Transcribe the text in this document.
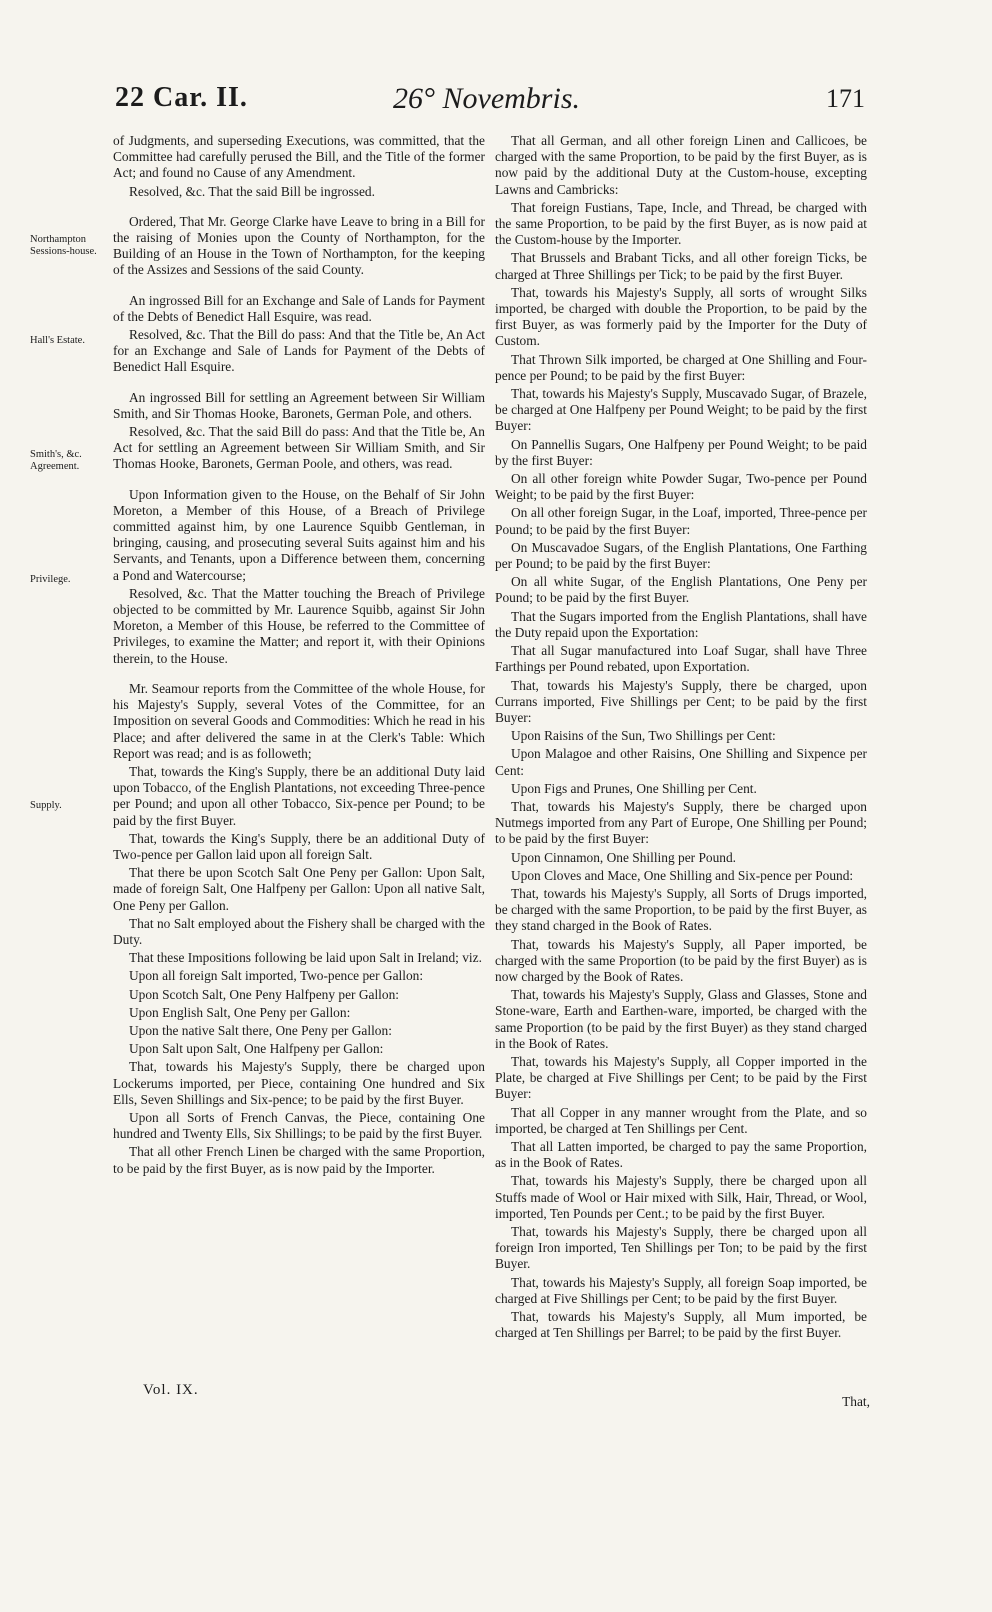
22 Car. II.	26° Novembris.	171
Northampton Sessions-house.
Hall's Estate.
Smith's, &c. Agreement.
Privilege.
Supply.

of Judgments, and superseding Executions, was committed, that the Committee had carefully perused the Bill, and the Title of the former Act; and found no Cause of any Amendment.

Resolved, &c. That the said Bill be ingrossed.

Ordered, That Mr. George Clarke have Leave to bring in a Bill for the raising of Monies upon the County of Northampton, for the Building of an House in the Town of Northampton, for the keeping of the Assizes and Sessions of the said County.

An ingrossed Bill for an Exchange and Sale of Lands for Payment of the Debts of Benedict Hall Esquire, was read.

Resolved, &c. That the Bill do pass: And that the Title be, An Act for an Exchange and Sale of Lands for Payment of the Debts of Benedict Hall Esquire.

An ingrossed Bill for settling an Agreement between Sir William Smith, and Sir Thomas Hooke, Baronets, German Pole, and others.

Resolved, &c. That the said Bill do pass: And that the Title be, An Act for settling an Agreement between Sir William Smith, and Sir Thomas Hooke, Baronets, German Poole, and others, was read.

Upon Information given to the House, on the Behalf of Sir John Moreton, a Member of this House, of a Breach of Privilege committed against him, by one Laurence Squibb Gentleman, in bringing, causing, and prosecuting several Suits against him and his Servants, and Tenants, upon a Difference between them, concerning a Pond and Watercourse;

Resolved, &c. That the Matter touching the Breach of Privilege objected to be committed by Mr. Laurence Squibb, against Sir John Moreton, a Member of this House, be referred to the Committee of Privileges, to examine the Matter; and report it, with their Opinions therein, to the House.

Mr. Seamour reports from the Committee of the whole House, for his Majesty's Supply, several Votes of the Committee, for an Imposition on several Goods and Commodities: Which he read in his Place; and after delivered the same in at the Clerk's Table: Which Report was read; and is as followeth;

That, towards the King's Supply, there be an additional Duty laid upon Tobacco, of the English Plantations, not exceeding Three-pence per Pound; and upon all other Tobacco, Six-pence per Pound; to be paid by the first Buyer.

That, towards the King's Supply, there be an additional Duty of Two-pence per Gallon laid upon all foreign Salt.

That there be upon Scotch Salt One Peny per Gallon: Upon Salt, made of foreign Salt, One Halfpeny per Gallon: Upon all native Salt, One Peny per Gallon.

That no Salt employed about the Fishery shall be charged with the Duty.

That these Impositions following be laid upon Salt in Ireland; viz.

Upon all foreign Salt imported, Two-pence per Gallon:

Upon Scotch Salt, One Peny Halfpeny per Gallon:

Upon English Salt, One Peny per Gallon:

Upon the native Salt there, One Peny per Gallon:

Upon Salt upon Salt, One Halfpeny per Gallon:

That, towards his Majesty's Supply, there be charged upon Lockerums imported, per Piece, containing One hundred and Six Ells, Seven Shillings and Six-pence; to be paid by the first Buyer.

Upon all Sorts of French Canvas, the Piece, containing One hundred and Twenty Ells, Six Shillings; to be paid by the first Buyer.

That all other French Linen be charged with the same Proportion, to be paid by the first Buyer, as is now paid by the Importer.

That all German, and all other foreign Linen and Callicoes, be charged with the same Proportion, to be paid by the first Buyer, as is now paid by the additional Duty at the Custom-house, excepting Lawns and Cambricks:

That foreign Fustians, Tape, Incle, and Thread, be charged with the same Proportion, to be paid by the first Buyer, as is now paid at the Custom-house by the Importer.

That Brussels and Brabant Ticks, and all other foreign Ticks, be charged at Three Shillings per Tick; to be paid by the first Buyer.

That, towards his Majesty's Supply, all sorts of wrought Silks imported, be charged with double the Proportion, to be paid by the first Buyer, as was formerly paid by the Importer for the Duty of Custom.

That Thrown Silk imported, be charged at One Shilling and Four-pence per Pound; to be paid by the first Buyer:

That, towards his Majesty's Supply, Muscavado Sugar, of Brazele, be charged at One Halfpeny per Pound Weight; to be paid by the first Buyer:

On Pannellis Sugars, One Halfpeny per Pound Weight; to be paid by the first Buyer:

On all other foreign white Powder Sugar, Two-pence per Pound Weight; to be paid by the first Buyer:

On all other foreign Sugar, in the Loaf, imported, Three-pence per Pound; to be paid by the first Buyer:

On Muscavadoe Sugars, of the English Plantations, One Farthing per Pound; to be paid by the first Buyer:

On all white Sugar, of the English Plantations, One Peny per Pound; to be paid by the first Buyer.

That the Sugars imported from the English Plantations, shall have the Duty repaid upon the Exportation:

That all Sugar manufactured into Loaf Sugar, shall have Three Farthings per Pound rebated, upon Exportation.

That, towards his Majesty's Supply, there be charged, upon Currans imported, Five Shillings per Cent; to be paid by the first Buyer:

Upon Raisins of the Sun, Two Shillings per Cent:

Upon Malagoe and other Raisins, One Shilling and Sixpence per Cent:

Upon Figs and Prunes, One Shilling per Cent.

That, towards his Majesty's Supply, there be charged upon Nutmegs imported from any Part of Europe, One Shilling per Pound; to be paid by the first Buyer:

Upon Cinnamon, One Shilling per Pound.

Upon Cloves and Mace, One Shilling and Six-pence per Pound:

That, towards his Majesty's Supply, all Sorts of Drugs imported, be charged with the same Proportion, to be paid by the first Buyer, as they stand charged in the Book of Rates.

That, towards his Majesty's Supply, all Paper imported, be charged with the same Proportion (to be paid by the first Buyer) as is now charged by the Book of Rates.

That, towards his Majesty's Supply, Glass and Glasses, Stone and Stone-ware, Earth and Earthen-ware, imported, be charged with the same Proportion (to be paid by the first Buyer) as they stand charged in the Book of Rates.

That, towards his Majesty's Supply, all Copper imported in the Plate, be charged at Five Shillings per Cent; to be paid by the First Buyer:

That all Copper in any manner wrought from the Plate, and so imported, be charged at Ten Shillings per Cent.

That all Latten imported, be charged to pay the same Proportion, as in the Book of Rates.

That, towards his Majesty's Supply, there be charged upon all Stuffs made of Wool or Hair mixed with Silk, Hair, Thread, or Wool, imported, Ten Pounds per Cent.; to be paid by the first Buyer.

That, towards his Majesty's Supply, there be charged upon all foreign Iron imported, Ten Shillings per Ton; to be paid by the first Buyer.

That, towards his Majesty's Supply, all foreign Soap imported, be charged at Five Shillings per Cent; to be paid by the first Buyer.

That, towards his Majesty's Supply, all Mum imported, be charged at Ten Shillings per Barrel; to be paid by the first Buyer.

Vol. IX.
That,
